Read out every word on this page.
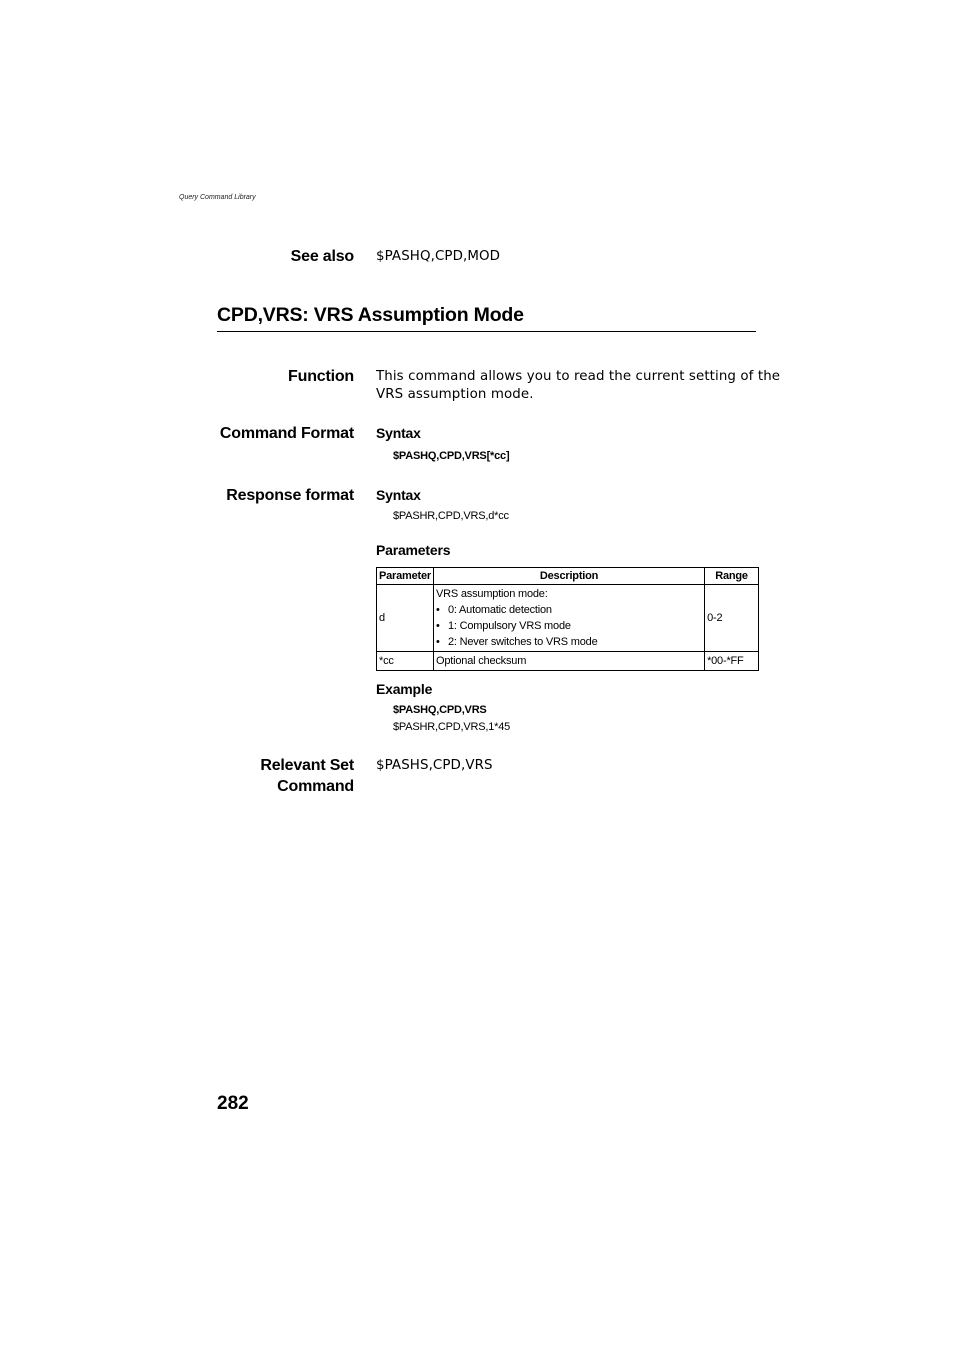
Query Command Library
See also $PASHQ,CPD,MOD
CPD,VRS: VRS Assumption Mode
Function This command allows you to read the current setting of the
VRS assumption mode.
Command Format Syntax
$PASHQ,CPD,VRS[*cc]
Response format Syntax
$PASHR,CPD,VRS,d*cc
Parameters
Parameter	Description	Range
d	VRS assumption mode:
• 0: Automatic detection
• 1: Compulsory VRS mode
• 2: Never switches to VRS mode	0-2
*cc	Optional checksum	*00-*FF
Example
$PASHQ,CPD,VRS
$PASHR,CPD,VRS,1*45
Relevant Set
Command
$PASHS,CPD,VRS
282
